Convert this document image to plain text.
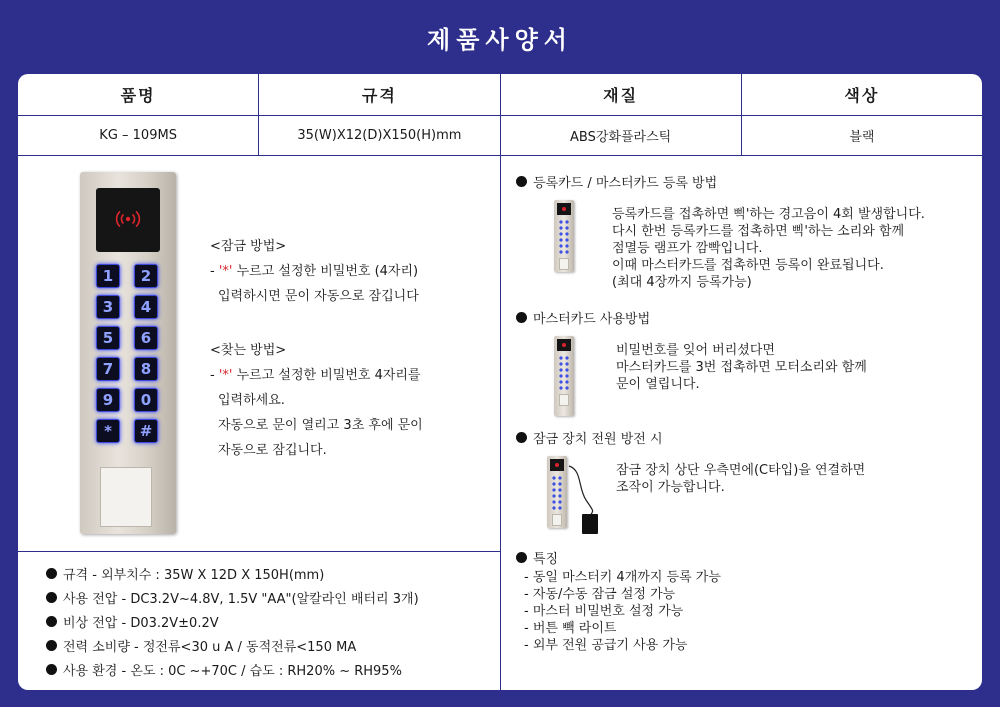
제품사양서
품명	규격	재질	색상
KG – 109MS	35(W)X12(D)X150(H)mm	ABS강화플라스틱	블랙
1	2
3	4
5	6
7	8
9	0
*	#
<잠금 방법>
- '*' 누르고 설정한 비밀번호 (4자리)
입력하시면 문이 자동으로 잠깁니다
<찾는 방법>
- '*' 누르고 설정한 비밀번호 4자리를
입력하세요.
자동으로 문이 열리고 3초 후에 문이
자동으로 잠깁니다.
규격 - 외부치수 : 35W X 12D X 150H(mm)
사용 전압 - DC3.2V~4.8V, 1.5V "AA"(알칼라인 배터리 3개)
비상 전압 - D03.2V±0.2V
전력 소비량 - 정전류<30 u A / 동적전류<150 MA
사용 환경 - 온도 : 0C ~+70C / 습도 : RH20% ~ RH95%
등록카드 / 마스터카드 등록 방법
등록카드를 접촉하면 삑'하는 경고음이 4회 발생합니다.
다시 한번 등록카드를 접촉하면 삑'하는 소리와 함께
점멸등 램프가 깜빡입니다.
이때 마스터카드를 접촉하면 등록이 완료됩니다.
(최대 4장까지 등록가능)
마스터카드 사용방법
비밀번호를 잊어 버리셨다면
마스터카드를 3번 접촉하면 모터소리와 함께
문이 열립니다.
잠금 장치 전원 방전 시
잠금 장치 상단 우측면에(C타입)을 연결하면
조작이 가능합니다.
특징
- 동일 마스터키 4개까지 등록 가능
- 자동/수동 잠금 설정 가능
- 마스터 비밀번호 설정 가능
- 버튼 빽 라이트
- 외부 전원 공급기 사용 가능
